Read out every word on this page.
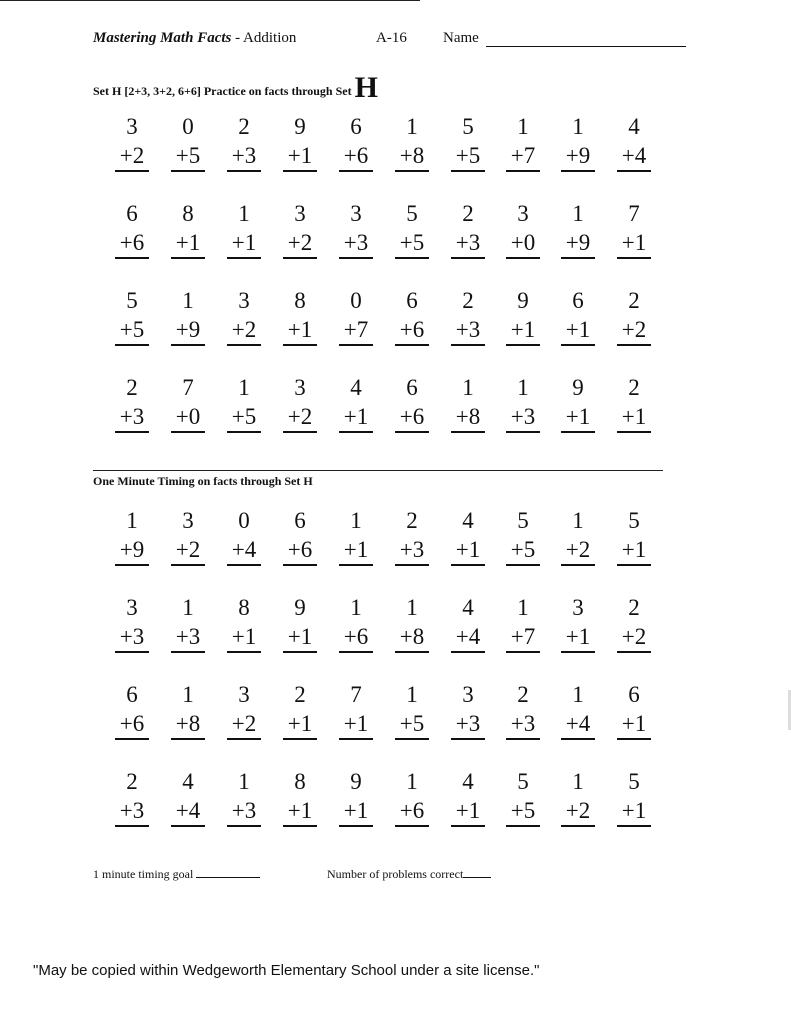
Mastering Math Facts - Addition	A-16 Name
Set H [2+3, 3+2, 6+6] Practice on facts through Set H
3
+2
0
+5
2
+3
9
+1
6
+6
1
+8
5
+5
1
+7
1
+9
4
+4
6
+6
8
+1
1
+1
3
+2
3
+3
5
+5
2
+3
3
+0
1
+9
7
+1
5
+5
1
+9
3
+2
8
+1
0
+7
6
+6
2
+3
9
+1
6
+1
2
+2
2
+3
7
+0
1
+5
3
+2
4
+1
6
+6
1
+8
1
+3
9
+1
2
+1
One Minute Timing on facts through Set H
1
+9
3
+2
0
+4
6
+6
1
+1
2
+3
4
+1
5
+5
1
+2
5
+1
3
+3
1
+3
8
+1
9
+1
1
+6
1
+8
4
+4
1
+7
3
+1
2
+2
6
+6
1
+8
3
+2
2
+1
7
+1
1
+5
3
+3
2
+3
1
+4
6
+1
2
+3
4
+4
1
+3
8
+1
9
+1
1
+6
4
+1
5
+5
1
+2
5
+1
1 minute timing goal	Number of problems correct
"May be copied within Wedgeworth Elementary School under a site license."
